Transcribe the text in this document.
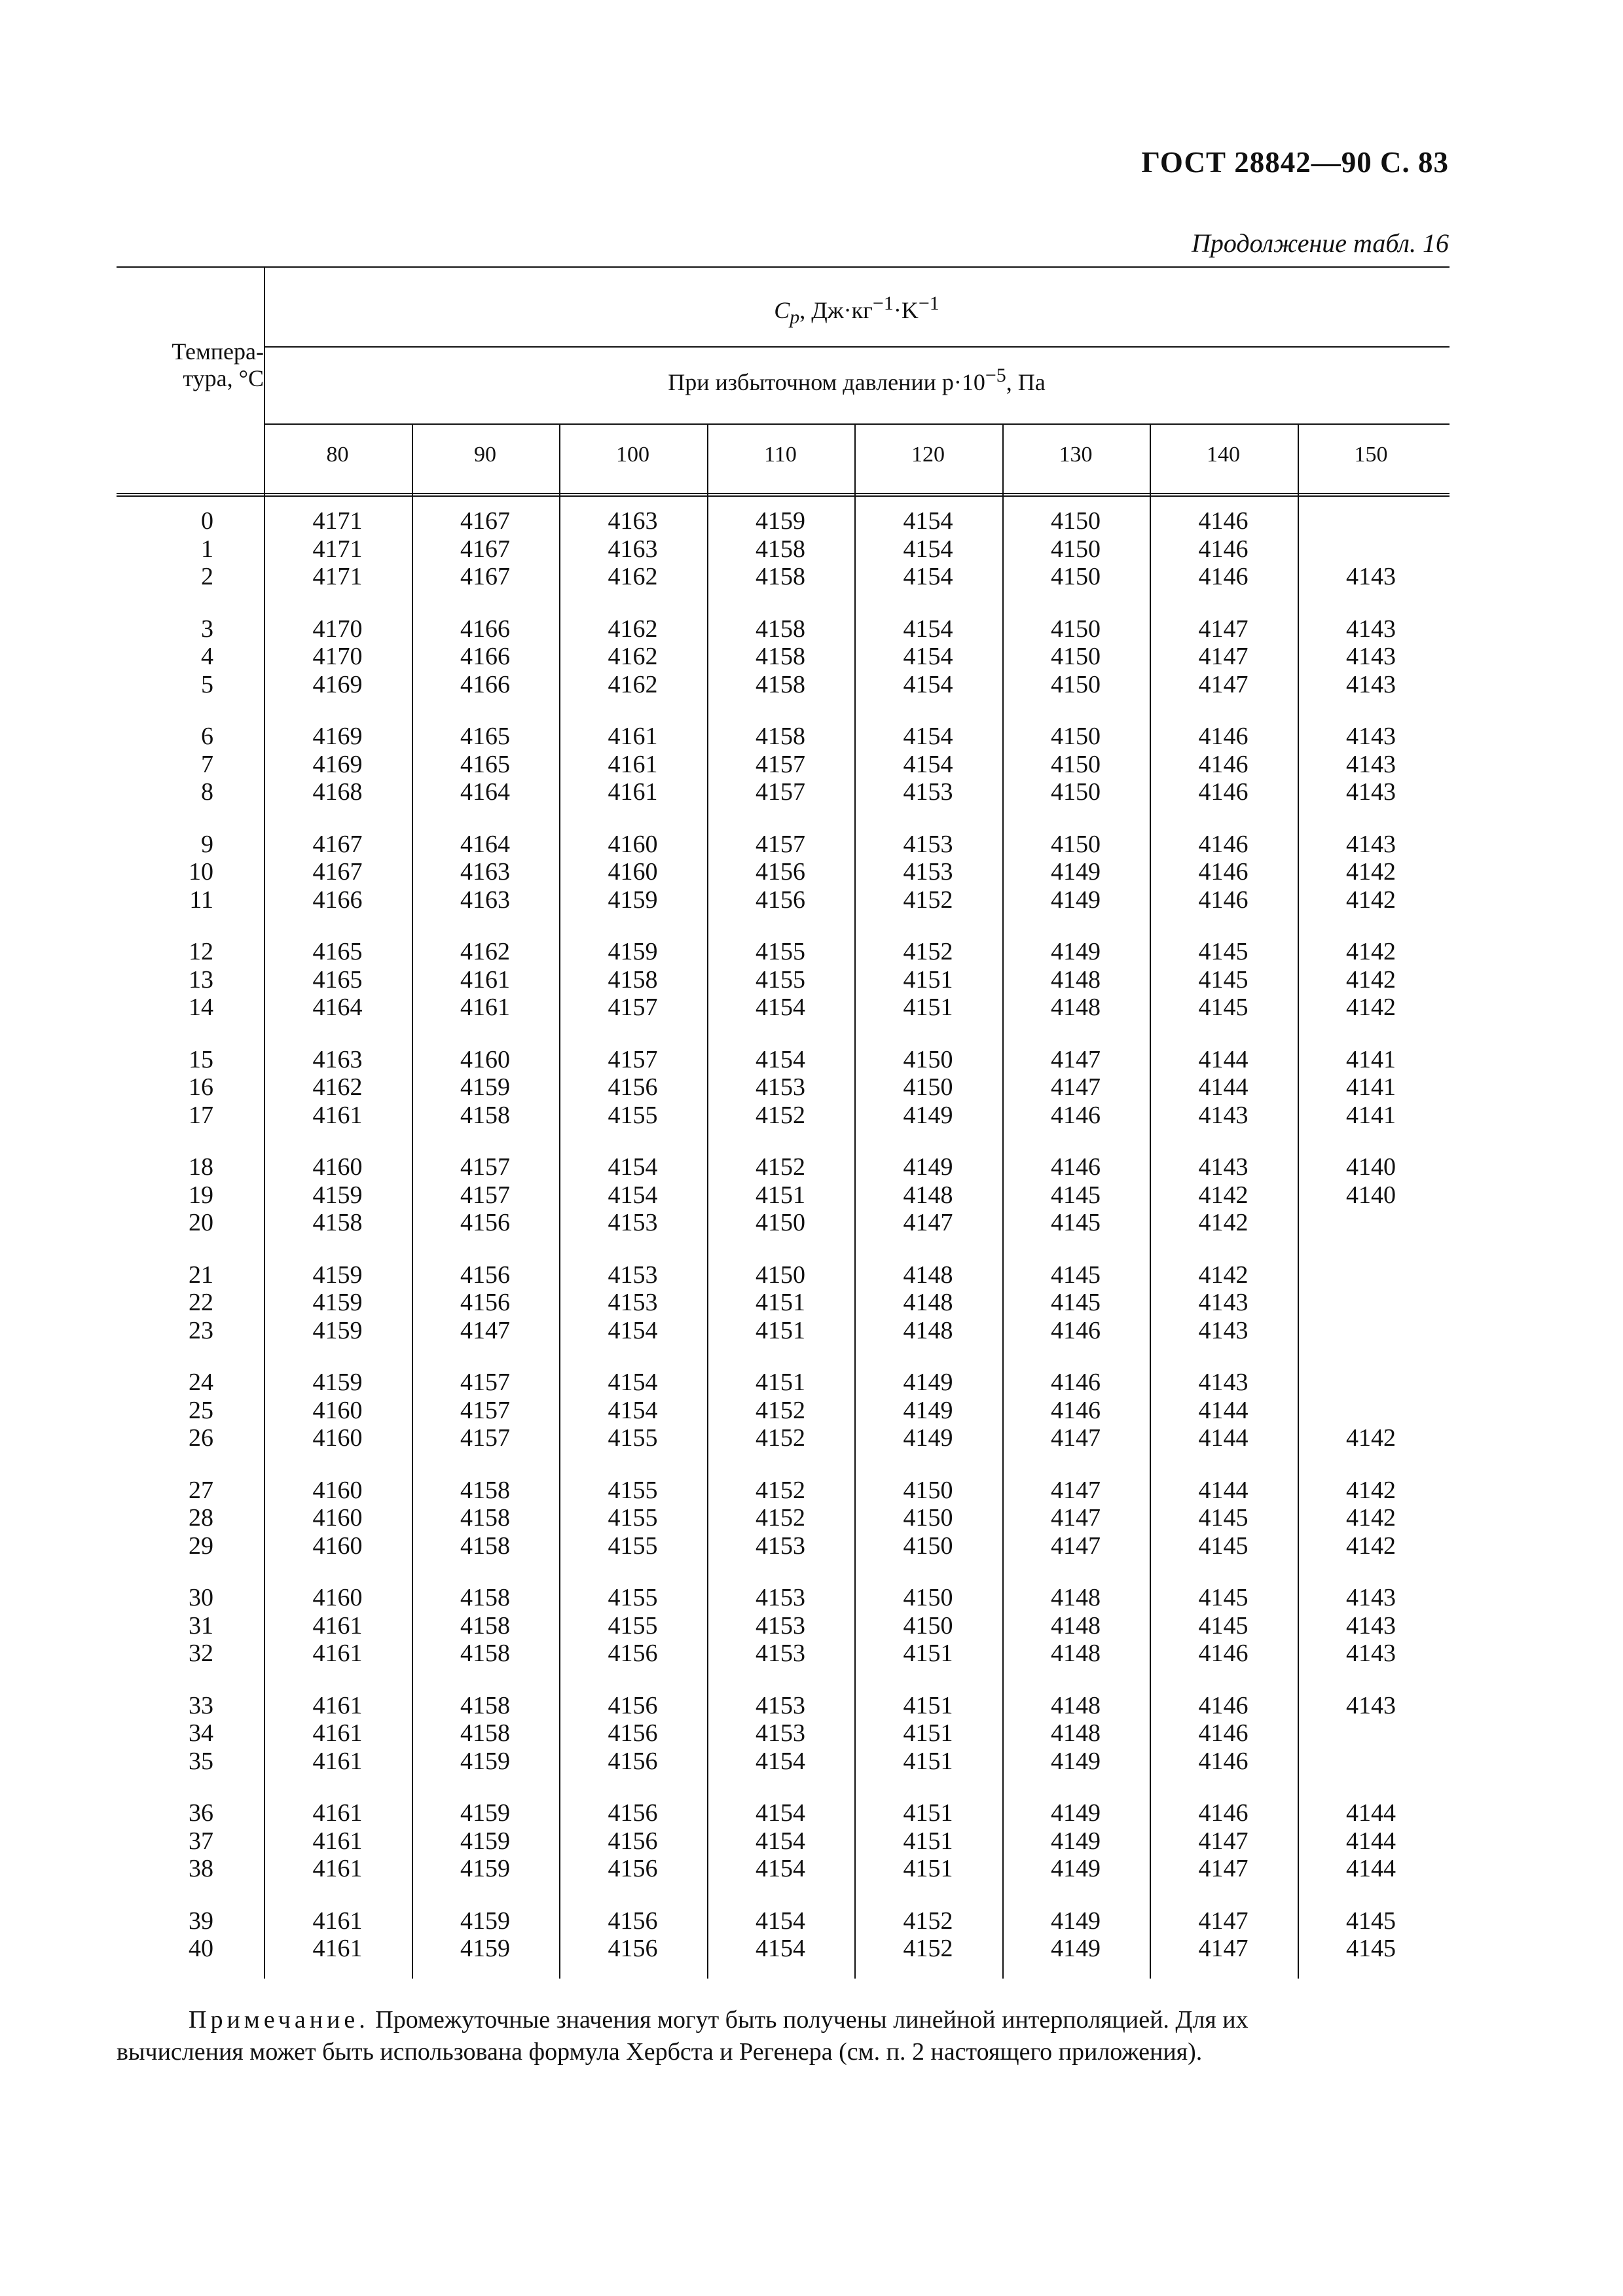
ГОСТ 28842—90 С. 83
Продолжение табл. 16
Темпера-
тура, °С
$C_p$, $Дж\cdot кг^{-1}\cdot K^{-1}$
При избыточном давлении $p\cdot 10^{-5}$, Па
80	90	100	110	120	130	140	150
0	4171	4167	4163	4159	4154	4150	4146
1	4171	4167	4163	4158	4154	4150	4146
2	4171	4167	4162	4158	4154	4150	4146	4143
3	4170	4166	4162	4158	4154	4150	4147	4143
4	4170	4166	4162	4158	4154	4150	4147	4143
5	4169	4166	4162	4158	4154	4150	4147	4143
6	4169	4165	4161	4158	4154	4150	4146	4143
7	4169	4165	4161	4157	4154	4150	4146	4143
8	4168	4164	4161	4157	4153	4150	4146	4143
9	4167	4164	4160	4157	4153	4150	4146	4143
10	4167	4163	4160	4156	4153	4149	4146	4142
11	4166	4163	4159	4156	4152	4149	4146	4142
12	4165	4162	4159	4155	4152	4149	4145	4142
13	4165	4161	4158	4155	4151	4148	4145	4142
14	4164	4161	4157	4154	4151	4148	4145	4142
15	4163	4160	4157	4154	4150	4147	4144	4141
16	4162	4159	4156	4153	4150	4147	4144	4141
17	4161	4158	4155	4152	4149	4146	4143	4141
18	4160	4157	4154	4152	4149	4146	4143	4140
19	4159	4157	4154	4151	4148	4145	4142	4140
20	4158	4156	4153	4150	4147	4145	4142
21	4159	4156	4153	4150	4148	4145	4142
22	4159	4156	4153	4151	4148	4145	4143
23	4159	4147	4154	4151	4148	4146	4143
24	4159	4157	4154	4151	4149	4146	4143
25	4160	4157	4154	4152	4149	4146	4144
26	4160	4157	4155	4152	4149	4147	4144	4142
27	4160	4158	4155	4152	4150	4147	4144	4142
28	4160	4158	4155	4152	4150	4147	4145	4142
29	4160	4158	4155	4153	4150	4147	4145	4142
30	4160	4158	4155	4153	4150	4148	4145	4143
31	4161	4158	4155	4153	4150	4148	4145	4143
32	4161	4158	4156	4153	4151	4148	4146	4143
33	4161	4158	4156	4153	4151	4148	4146	4143
34	4161	4158	4156	4153	4151	4148	4146
35	4161	4159	4156	4154	4151	4149	4146
36	4161	4159	4156	4154	4151	4149	4146	4144
37	4161	4159	4156	4154	4151	4149	4147	4144
38	4161	4159	4156	4154	4151	4149	4147	4144
39	4161	4159	4156	4154	4152	4149	4147	4145
40	4161	4159	4156	4154	4152	4149	4147	4145
Примечание. Промежуточные значения могут быть получены линейной интерполяцией. Для их
вычисления может быть использована формула Хербста и Регенера (см. п. 2 настоящего приложения).
